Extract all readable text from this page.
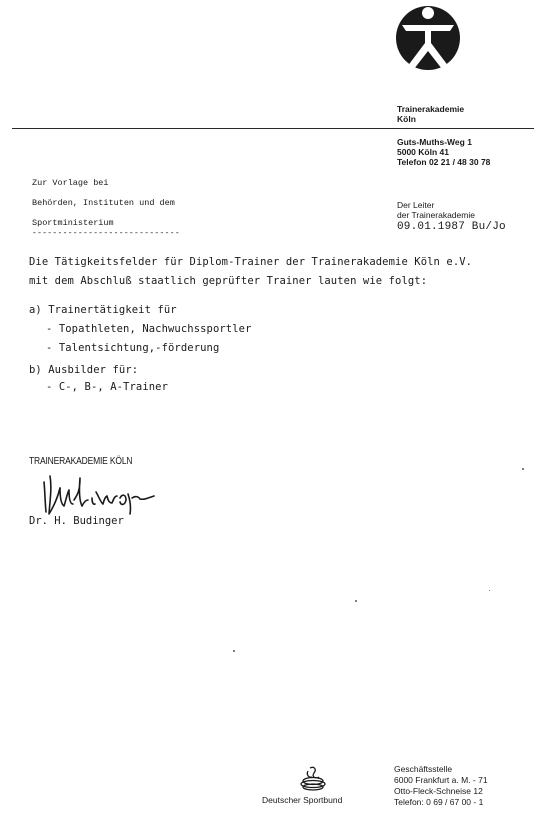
Trainerakademie
Köln
Guts-Muths-Weg 1
5000 Köln 41
Telefon 02 21 / 48 30 78
Der Leiter
der Trainerakademie
09.01.1987 Bu/Jo
Zur Vorlage bei
Behörden, Instituten und dem
Sportministerium
-----------------------------
Die Tätigkeitsfelder für Diplom-Trainer der Trainerakademie Köln e.V.
mit dem Abschluß staatlich geprüfter Trainer lauten wie folgt:
a) Trainertätigkeit für
- Topathleten, Nachwuchssportler
- Talentsichtung,-förderung
b) Ausbilder für:
- C-, B-, A-Trainer
TRAINERAKADEMIE KÖLN
Dr. H. Budinger
Deutscher Sportbund
Geschäftsstelle
6000 Frankfurt a. M. - 71
Otto-Fleck-Schneise 12
Telefon: 0 69 / 67 00 - 1
